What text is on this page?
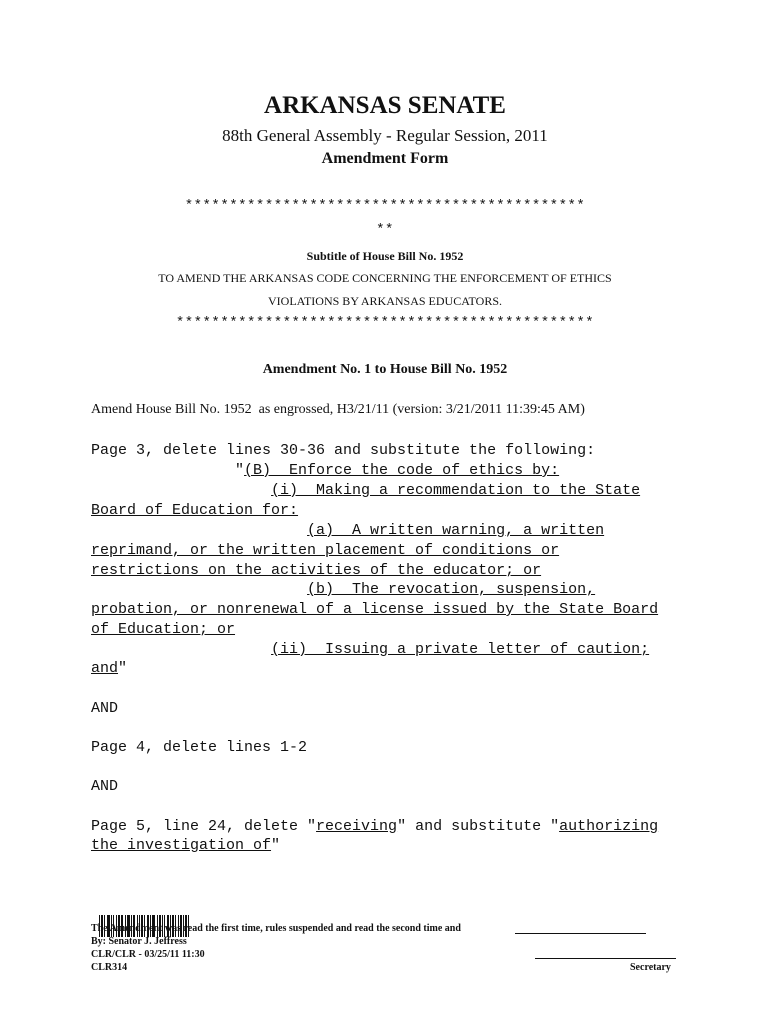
ARKANSAS SENATE
88th General Assembly - Regular Session, 2011
Amendment Form
*********************************************
**
Subtitle of House Bill No. 1952
TO AMEND THE ARKANSAS CODE CONCERNING THE ENFORCEMENT OF ETHICS
VIOLATIONS BY ARKANSAS EDUCATORS.
***********************************************
Amendment No. 1 to House Bill No. 1952
Amend House Bill No. 1952  as engrossed, H3/21/11 (version: 3/21/2011 11:39:45 AM)
Page 3, delete lines 30-36 and substitute the following:
"(B)  Enforce the code of ethics by:
(i)  Making a recommendation to the State
Board of Education for:
(a)  A written warning, a written
reprimand, or the written placement of conditions or
restrictions on the activities of the educator; or
(b)  The revocation, suspension,
probation, or nonrenewal of a license issued by the State Board
of Education; or
(ii)  Issuing a private letter of caution;
and"
AND
Page 4, delete lines 1-2
AND
Page 5, line 24, delete "receiving" and substitute "authorizing
the investigation of"

The Amendment was read the first time, rules suspended and read the second time and
By: Senator J. Jeffress
CLR/CLR - 03/25/11 11:30
CLR314	Secretary
